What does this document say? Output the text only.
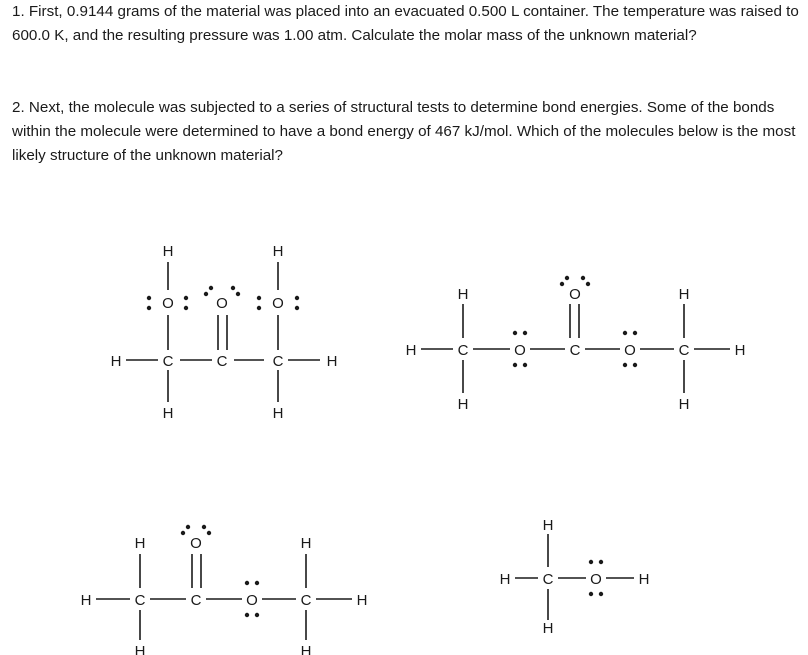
1. First, 0.9144 grams of the material was placed into an evacuated 0.500 L container. The temperature was raised to 600.0 K, and the resulting pressure was 1.00 atm. Calculate the molar mass of the unknown material?

2. Next, the molecule was subjected to a series of structural tests to determine bond energies. Some of the bonds within the molecule were determined to have a bond energy of 467 kJ/mol. Which of the molecules below is the most likely structure of the unknown material?

H	C	C	C	H
H	H
O	O	O
H	H
H	C	O	C	O	C	H
H	H
O
H	H
H	C	C	O	C	H
H	H
O
H	H
H C O H
H
H
